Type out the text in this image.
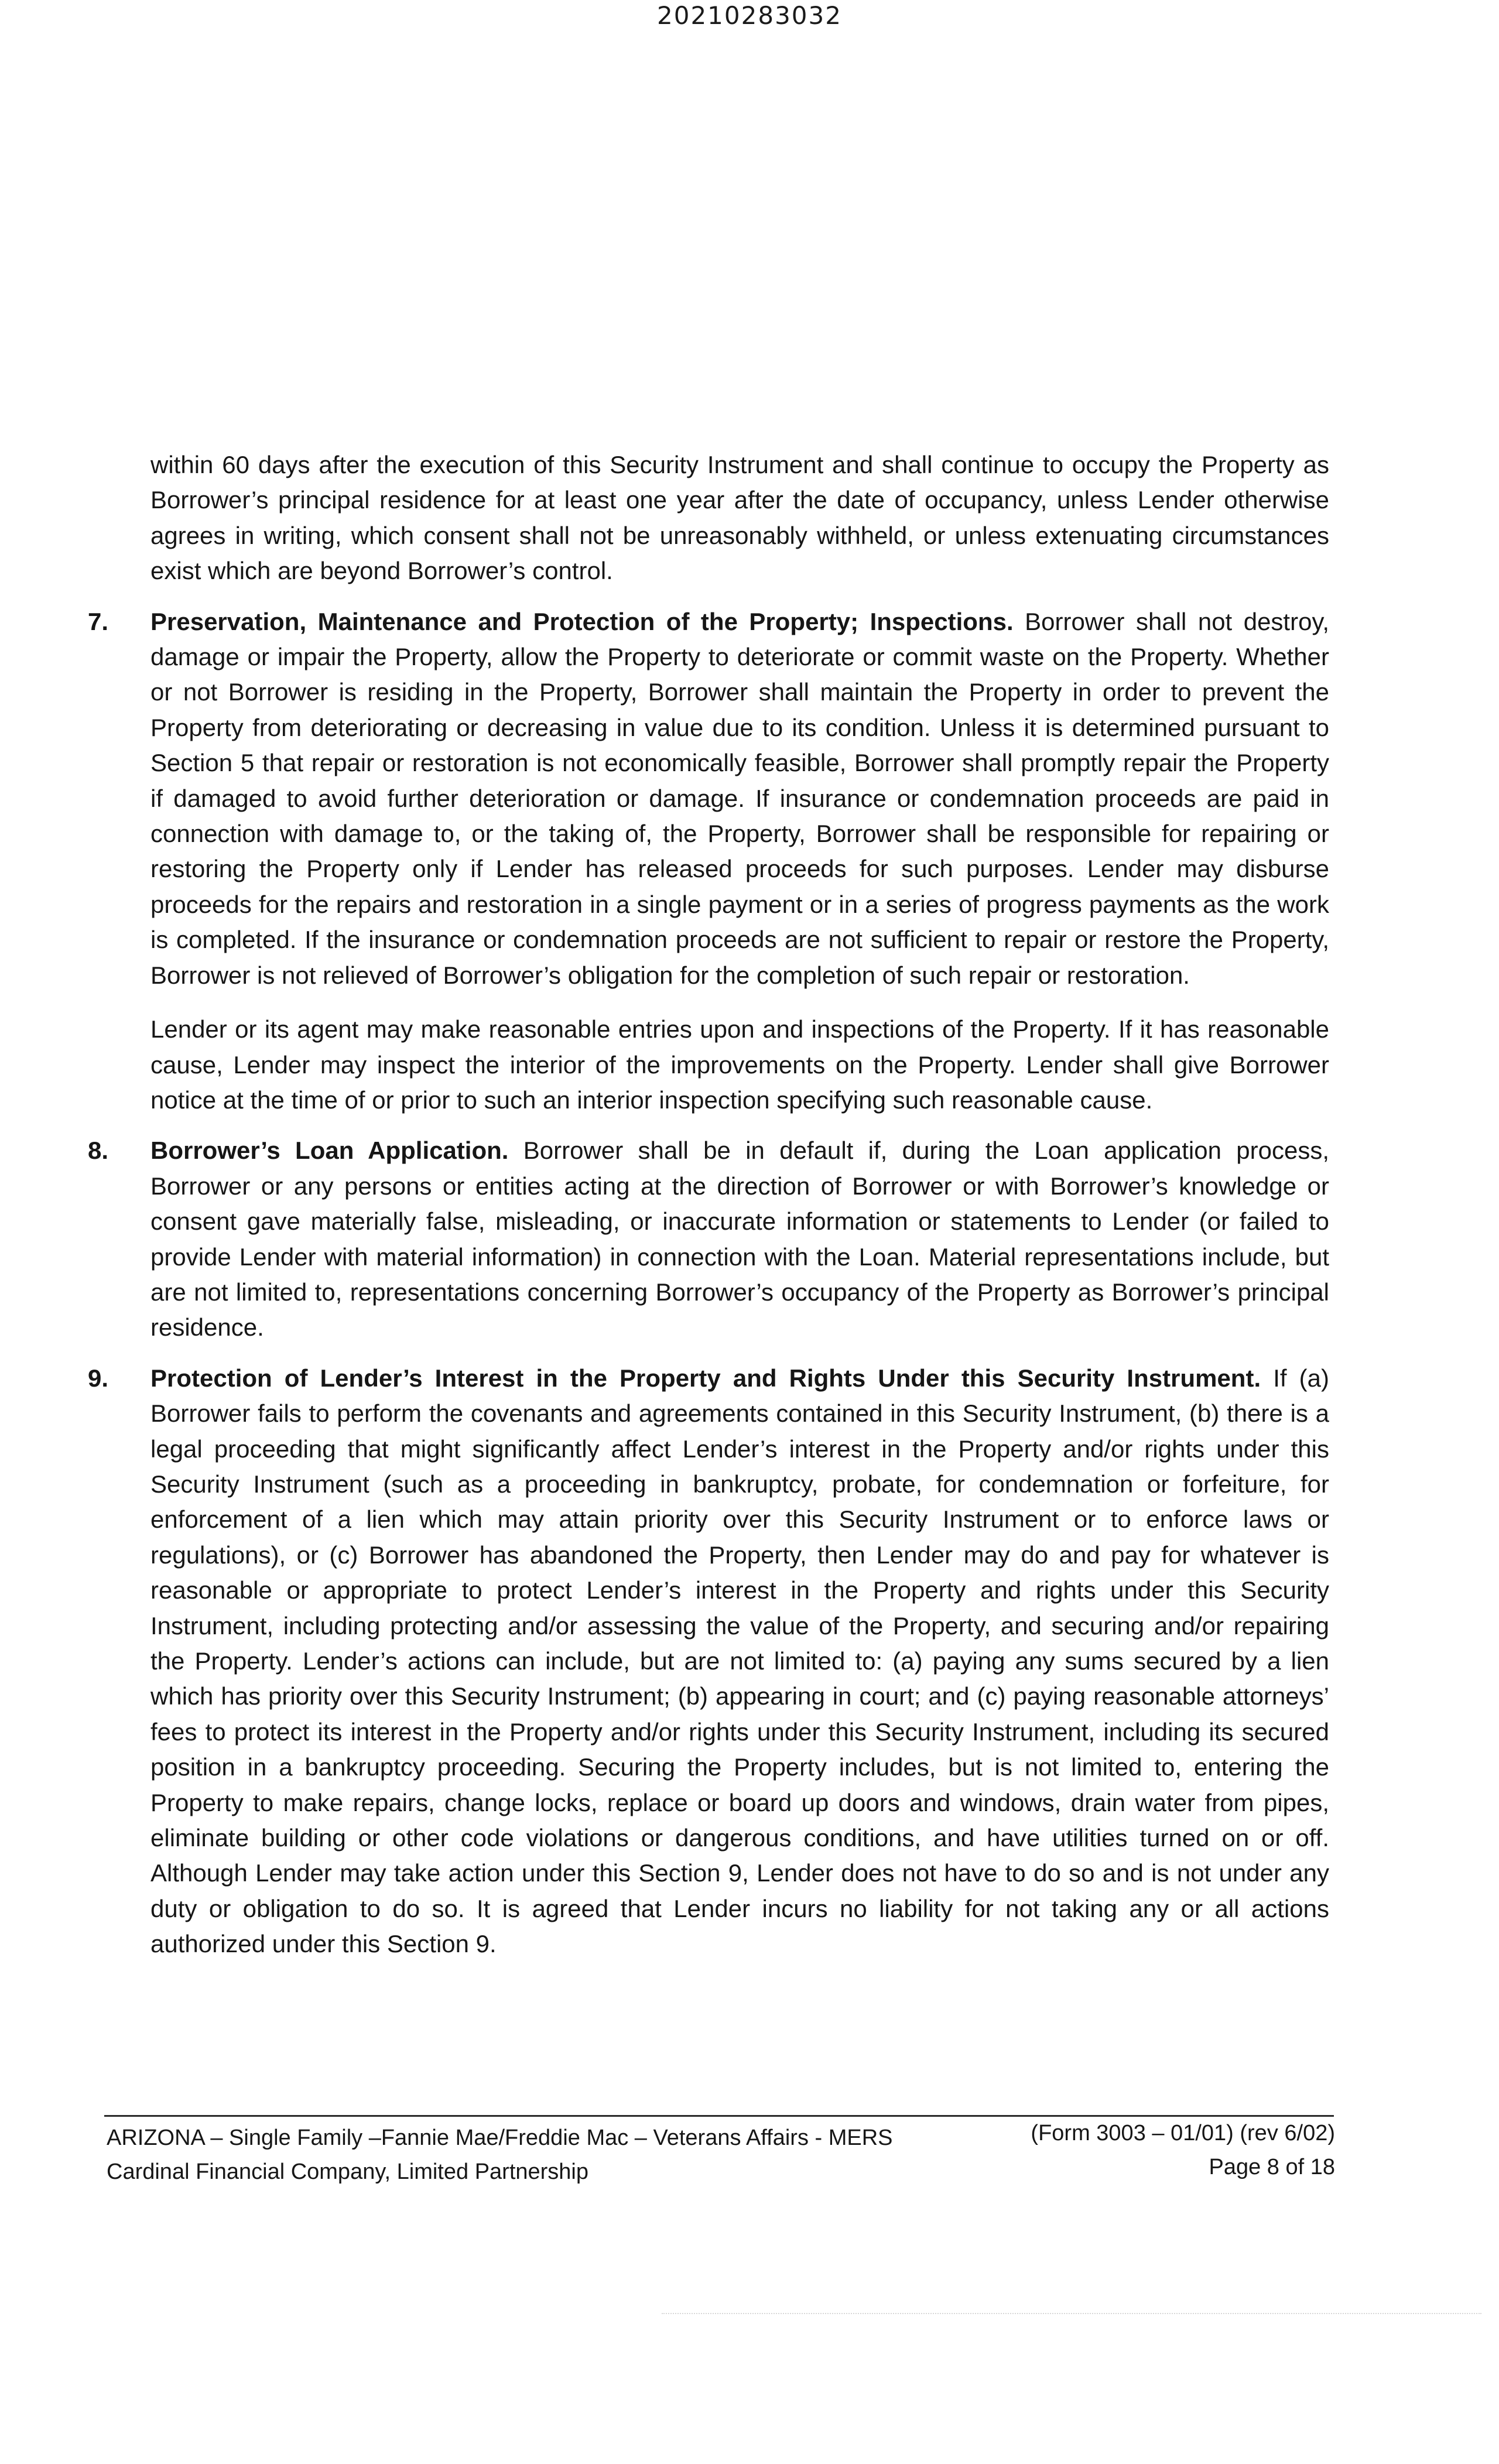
20210283032

within 60 days after the execution of this Security Instrument and shall continue to occupy the Property as Borrower’s principal residence for at least one year after the date of occupancy, unless Lender otherwise agrees in writing, which consent shall not be unreasonably withheld, or unless extenuating circumstances exist which are beyond Borrower’s control.

7.	Preservation, Maintenance and Protection of the Property; Inspections. Borrower shall not destroy, damage or impair the Property, allow the Property to deteriorate or commit waste on the Property. Whether or not Borrower is residing in the Property, Borrower shall maintain the Property in order to prevent the Property from deteriorating or decreasing in value due to its condition. Unless it is determined pursuant to Section 5 that repair or restoration is not economically feasible, Borrower shall promptly repair the Property if damaged to avoid further deterioration or damage. If insurance or condemnation proceeds are paid in connection with damage to, or the taking of, the Property, Borrower shall be responsible for repairing or restoring the Property only if Lender has released proceeds for such purposes. Lender may disburse proceeds for the repairs and restoration in a single payment or in a series of progress payments as the work is completed. If the insurance or condemnation proceeds are not sufficient to repair or restore the Property, Borrower is not relieved of Borrower’s obligation for the completion of such repair or restoration.

Lender or its agent may make reasonable entries upon and inspections of the Property. If it has reasonable cause, Lender may inspect the interior of the improvements on the Property. Lender shall give Borrower notice at the time of or prior to such an interior inspection specifying such reasonable cause.

8.	Borrower’s Loan Application. Borrower shall be in default if, during the Loan application process, Borrower or any persons or entities acting at the direction of Borrower or with Borrower’s knowledge or consent gave materially false, misleading, or inaccurate information or statements to Lender (or failed to provide Lender with material information) in connection with the Loan. Material representations include, but are not limited to, representations concerning Borrower’s occupancy of the Property as Borrower’s principal residence.

9.	Protection of Lender’s Interest in the Property and Rights Under this Security Instrument. If (a) Borrower fails to perform the covenants and agreements contained in this Security Instrument, (b) there is a legal proceeding that might significantly affect Lender’s interest in the Property and/or rights under this Security Instrument (such as a proceeding in bankruptcy, probate, for condemnation or forfeiture, for enforcement of a lien which may attain priority over this Security Instrument or to enforce laws or regulations), or (c) Borrower has abandoned the Property, then Lender may do and pay for whatever is reasonable or appropriate to protect Lender’s interest in the Property and rights under this Security Instrument, including protecting and/or assessing the value of the Property, and securing and/or repairing the Property. Lender’s actions can include, but are not limited to: (a) paying any sums secured by a lien which has priority over this Security Instrument; (b) appearing in court; and (c) paying reasonable attorneys’ fees to protect its interest in the Property and/or rights under this Security Instrument, including its secured position in a bankruptcy proceeding. Securing the Property includes, but is not limited to, entering the Property to make repairs, change locks, replace or board up doors and windows, drain water from pipes, eliminate building or other code violations or dangerous conditions, and have utilities turned on or off. Although Lender may take action under this Section 9, Lender does not have to do so and is not under any duty or obligation to do so. It is agreed that Lender incurs no liability for not taking any or all actions authorized under this Section 9.

ARIZONA – Single Family –Fannie Mae/Freddie Mac – Veterans Affairs - MERS
Cardinal Financial Company, Limited Partnership
(Form 3003 – 01/01) (rev 6/02)
Page 8 of 18
